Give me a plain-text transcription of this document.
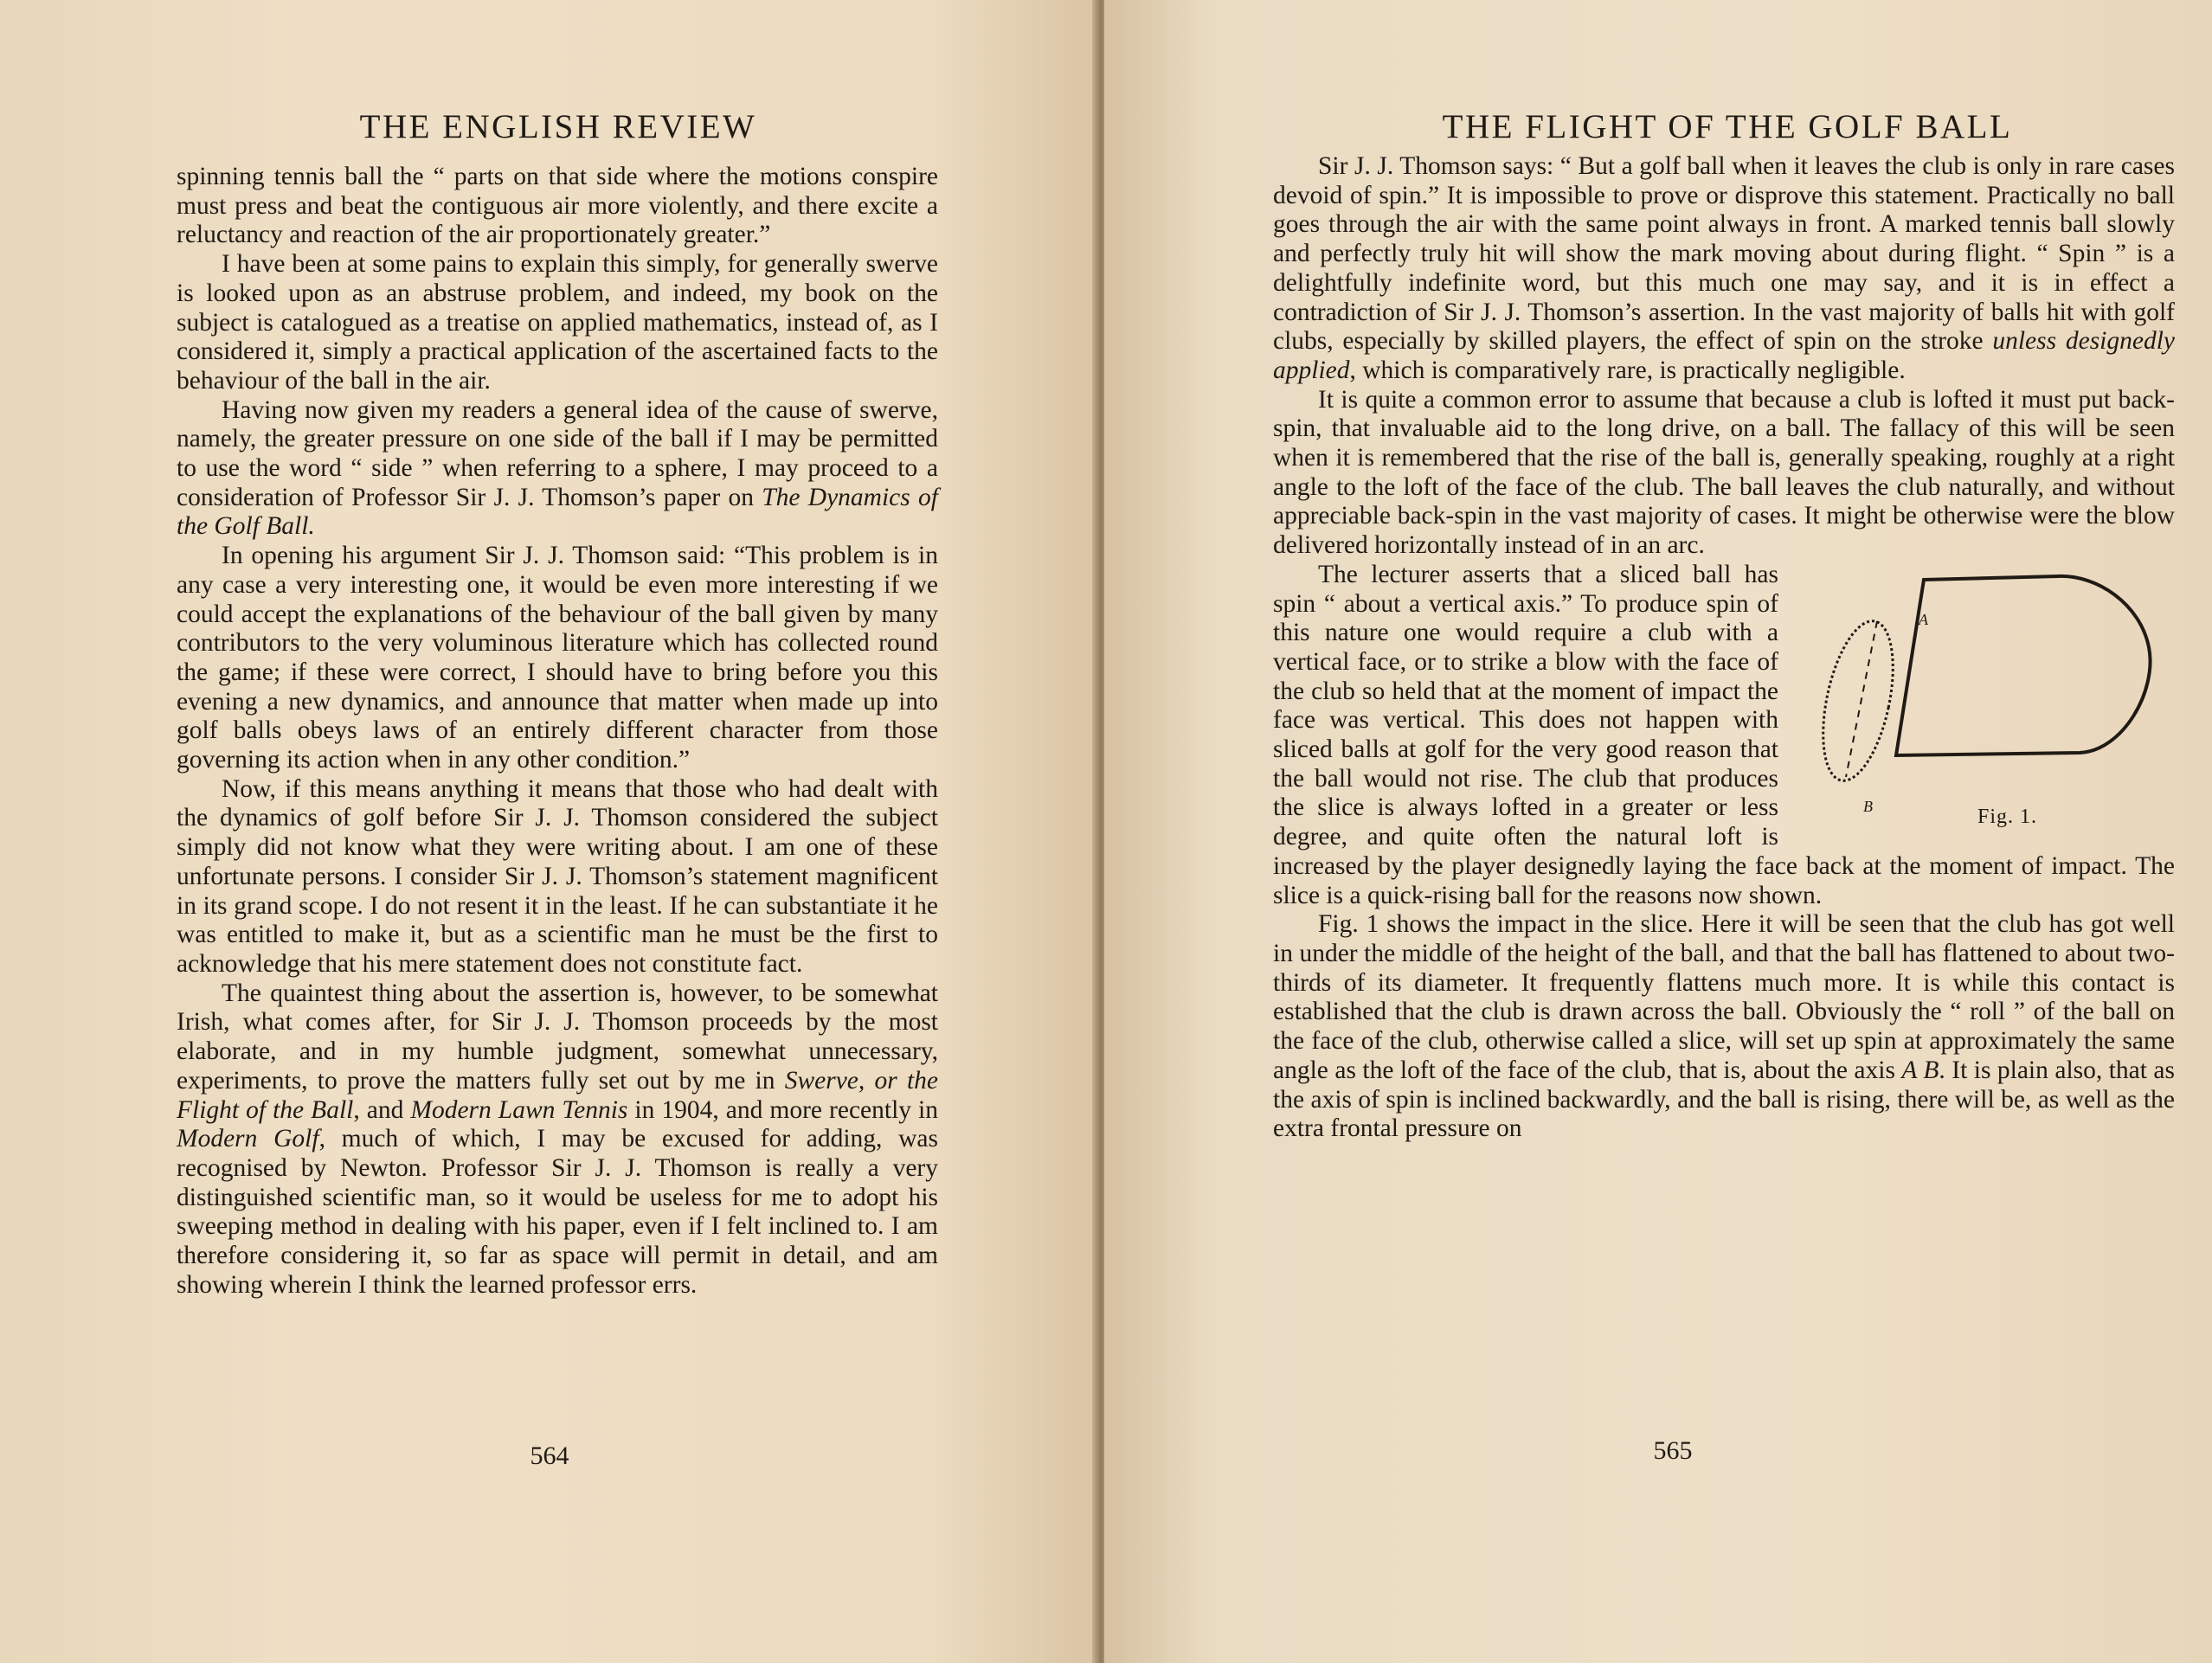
THE ENGLISH REVIEW

spinning tennis ball the “ parts on that side where the motions conspire must press and beat the contiguous air more violently, and there excite a reluctancy and reaction of the air proportionately greater.”

I have been at some pains to explain this simply, for generally swerve is looked upon as an abstruse problem, and indeed, my book on the subject is catalogued as a treatise on applied mathematics, instead of, as I considered it, simply a practical application of the ascertained facts to the behaviour of the ball in the air.

Having now given my readers a general idea of the cause of swerve, namely, the greater pressure on one side of the ball if I may be permitted to use the word “ side ” when referring to a sphere, I may proceed to a consideration of Professor Sir J. J. Thomson’s paper on The Dynamics of the Golf Ball.

In opening his argument Sir J. J. Thomson said: “This problem is in any case a very interesting one, it would be even more interesting if we could accept the explanations of the behaviour of the ball given by many contributors to the very voluminous literature which has collected round the game; if these were correct, I should have to bring before you this evening a new dynamics, and announce that matter when made up into golf balls obeys laws of an entirely different character from those governing its action when in any other condition.”

Now, if this means anything it means that those who had dealt with the dynamics of golf before Sir J. J. Thomson considered the subject simply did not know what they were writing about. I am one of these unfortunate persons. I consider Sir J. J. Thomson’s statement magnificent in its grand scope. I do not resent it in the least. If he can substantiate it he was entitled to make it, but as a scientific man he must be the first to acknowledge that his mere statement does not constitute fact.

The quaintest thing about the assertion is, however, to be somewhat Irish, what comes after, for Sir J. J. Thomson proceeds by the most elaborate, and in my humble judgment, somewhat unnecessary, experiments, to prove the matters fully set out by me in Swerve, or the Flight of the Ball, and Modern Lawn Tennis in 1904, and more recently in Modern Golf, much of which, I may be excused for adding, was recognised by Newton. Professor Sir J. J. Thomson is really a very distinguished scientific man, so it would be useless for me to adopt his sweeping method in dealing with his paper, even if I felt inclined to. I am therefore considering it, so far as space will permit in detail, and am showing wherein I think the learned professor errs.

564
THE FLIGHT OF THE GOLF BALL

Sir J. J. Thomson says: “ But a golf ball when it leaves the club is only in rare cases devoid of spin.” It is impossible to prove or disprove this statement. Practically no ball goes through the air with the same point always in front. A marked tennis ball slowly and perfectly truly hit will show the mark moving about during flight. “ Spin ” is a delightfully indefinite word, but this much one may say, and it is in effect a contradiction of Sir J. J. Thomson’s assertion. In the vast majority of balls hit with golf clubs, especially by skilled players, the effect of spin on the stroke unless designedly applied, which is comparatively rare, is practically negligible.

It is quite a common error to assume that because a club is lofted it must put back-spin, that invaluable aid to the long drive, on a ball. The fallacy of this will be seen when it is remembered that the rise of the ball is, generally speaking, roughly at a right angle to the loft of the face of the club. The ball leaves the club naturally, and without appreciable back-spin in the vast majority of cases. It might be otherwise were the blow delivered horizontally instead of in an arc.

A
B	Fig. 1.
The lecturer asserts that a sliced ball has spin “ about a vertical axis.” To produce spin of this nature one would require a club with a vertical face, or to strike a blow with the face of the club so held that at the moment of impact the face was vertical. This does not happen with sliced balls at golf for the very good reason that the ball would not rise. The club that produces the slice is always lofted in a greater or less degree, and quite often the natural loft is increased by the player designedly laying the face back at the moment of impact. The slice is a quick-rising ball for the reasons now shown.

Fig. 1 shows the impact in the slice. Here it will be seen that the club has got well in under the middle of the height of the ball, and that the ball has flattened to about two-thirds of its diameter. It frequently flattens much more. It is while this contact is established that the club is drawn across the ball. Obviously the “ roll ” of the ball on the face of the club, otherwise called a slice, will set up spin at approximately the same angle as the loft of the face of the club, that is, about the axis A B. It is plain also, that as the axis of spin is inclined backwardly, and the ball is rising, there will be, as well as the extra frontal pressure on

565
